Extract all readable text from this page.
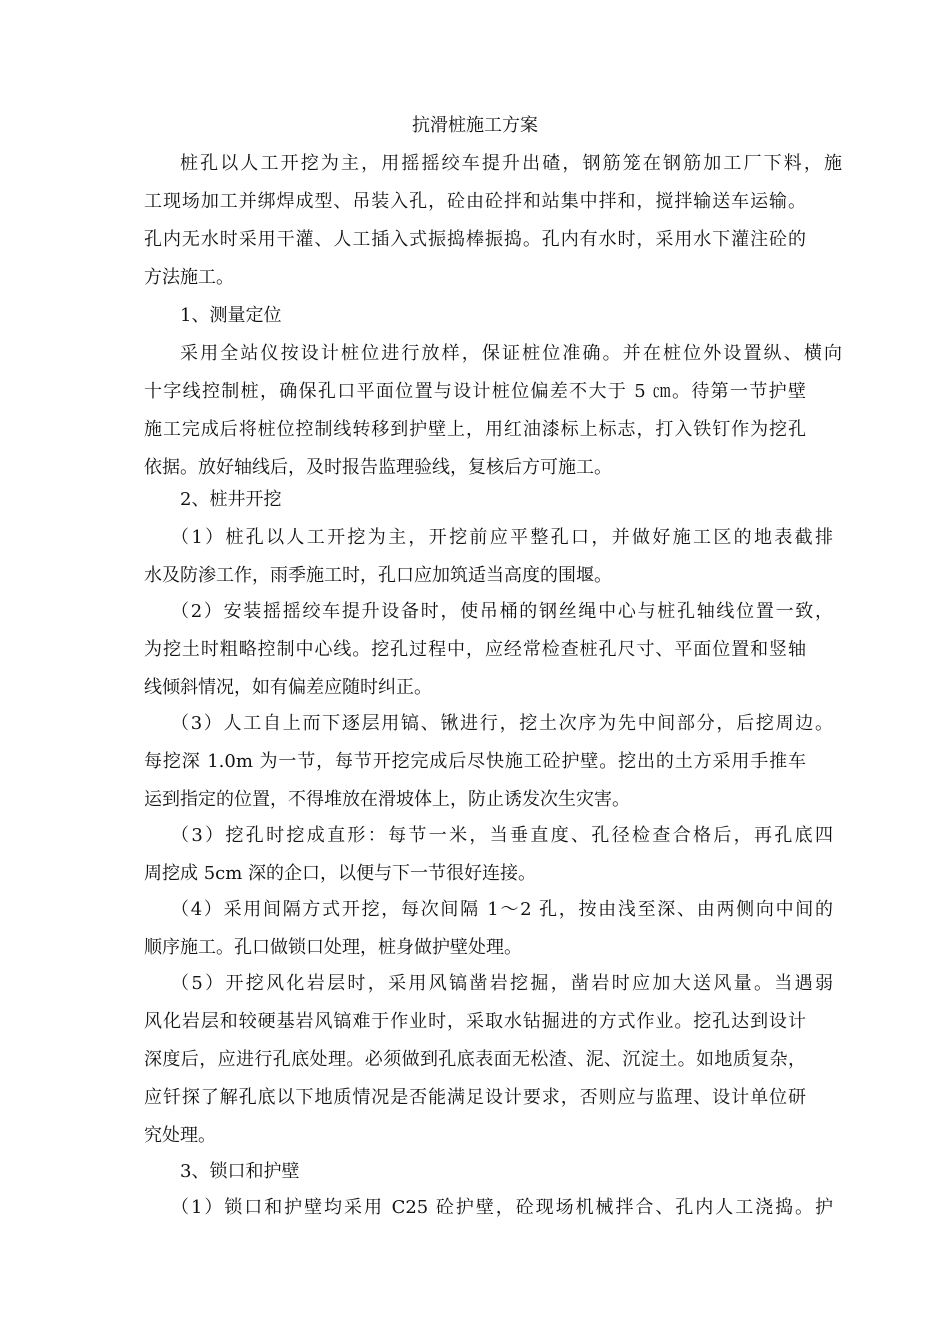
抗滑桩施工方案
桩孔以人工开挖为主，用摇摇绞车提升出碴，钢筋笼在钢筋加工厂下料，施
工现场加工并绑焊成型、吊装入孔，砼由砼拌和站集中拌和，搅拌输送车运输。
孔内无水时采用干灌、人工插入式振捣棒振捣。孔内有水时，采用水下灌注砼的
方法施工。
1、测量定位
采用全站仪按设计桩位进行放样，保证桩位准确。并在桩位外设置纵、横向
十字线控制桩，确保孔口平面位置与设计桩位偏差不大于 5 ㎝。待第一节护壁
施工完成后将桩位控制线转移到护壁上，用红油漆标上标志，打入铁钉作为挖孔
依据。放好轴线后，及时报告监理验线，复核后方可施工。
2、桩井开挖
（1）桩孔以人工开挖为主，开挖前应平整孔口，并做好施工区的地表截排
水及防渗工作，雨季施工时，孔口应加筑适当高度的围堰。
（2）安装摇摇绞车提升设备时，使吊桶的钢丝绳中心与桩孔轴线位置一致，
为挖土时粗略控制中心线。挖孔过程中，应经常检查桩孔尺寸、平面位置和竖轴
线倾斜情况，如有偏差应随时纠正。
（3）人工自上而下逐层用镐、锹进行，挖土次序为先中间部分，后挖周边。
每挖深 1.0m 为一节，每节开挖完成后尽快施工砼护壁。挖出的土方采用手推车
运到指定的位置，不得堆放在滑坡体上，防止诱发次生灾害。
（3）挖孔时挖成直形：每节一米，当垂直度、孔径检查合格后，再孔底四
周挖成 5cm 深的企口，以便与下一节很好连接。
（4）采用间隔方式开挖，每次间隔 1～2 孔，按由浅至深、由两侧向中间的
顺序施工。孔口做锁口处理，桩身做护壁处理。
（5）开挖风化岩层时，采用风镐凿岩挖掘，凿岩时应加大送风量。当遇弱
风化岩层和较硬基岩风镐难于作业时，采取水钻掘进的方式作业。挖孔达到设计
深度后，应进行孔底处理。必须做到孔底表面无松渣、泥、沉淀土。如地质复杂，
应钎探了解孔底以下地质情况是否能满足设计要求，否则应与监理、设计单位研
究处理。
3、锁口和护壁
（1）锁口和护壁均采用 C25 砼护壁，砼现场机械拌合、孔内人工浇捣。护
